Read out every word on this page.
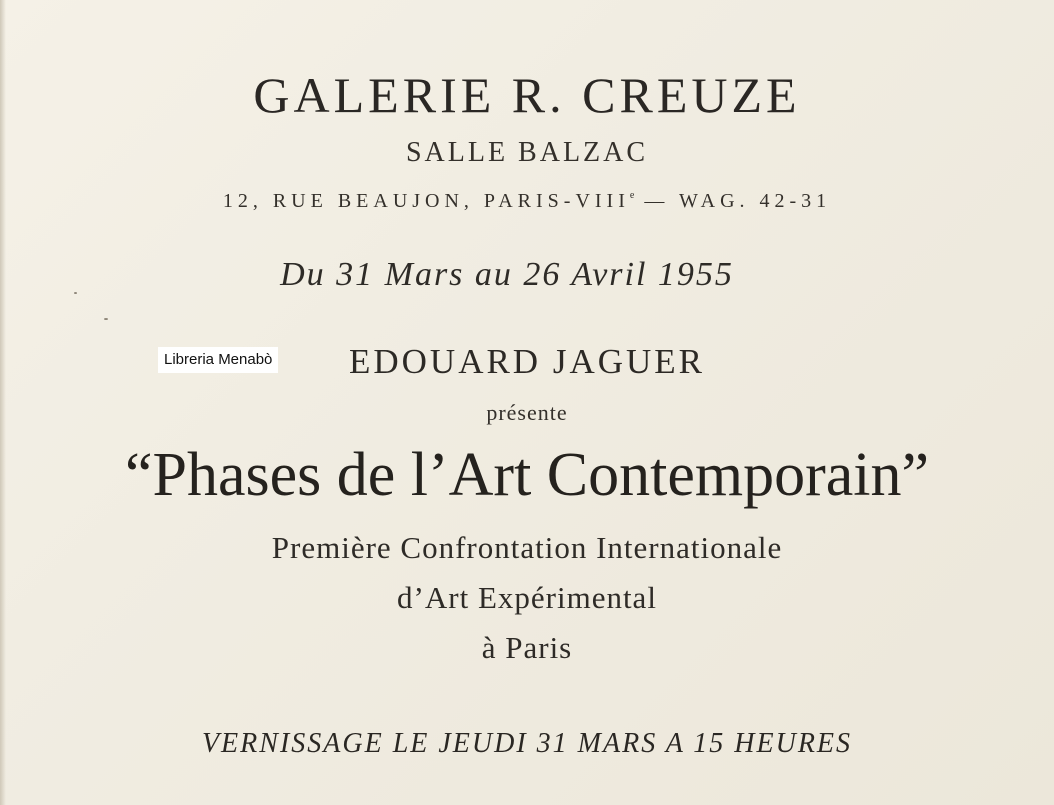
GALERIE R. CREUZE
SALLE BALZAC
12, RUE BEAUJON, PARIS-VIIIe — WAG. 42-31
Du 31 Mars au 26 Avril 1955
EDOUARD JAGUER
présente
“Phases de l’Art Contemporain”
Première Confrontation Internationale
d’Art Expérimental
à Paris
VERNISSAGE LE JEUDI 31 MARS A 15 HEURES
Libreria Menabò
